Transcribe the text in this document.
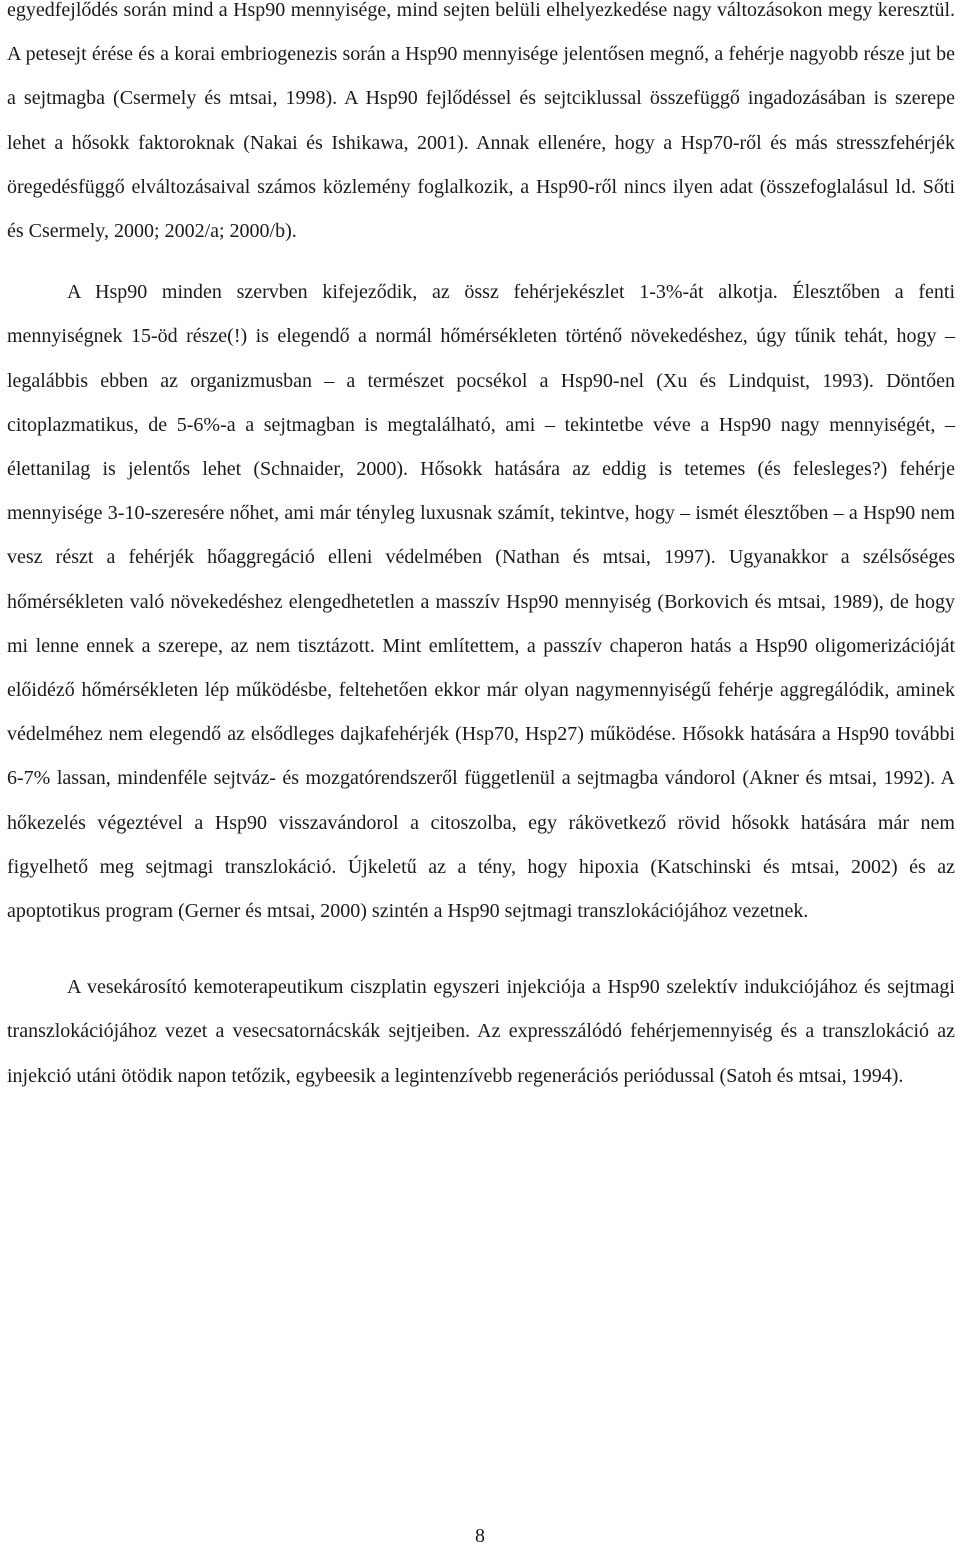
egyedfejlődés során mind a Hsp90 mennyisége, mind sejten belüli elhelyezkedése nagy változásokon megy keresztül. A petesejt érése és a korai embriogenezis során a Hsp90 mennyisége jelentősen megnő, a fehérje nagyobb része jut be a sejtmagba (Csermely és mtsai, 1998). A Hsp90 fejlődéssel és sejtciklussal összefüggő ingadozásában is szerepe lehet a hősokk faktoroknak (Nakai és Ishikawa, 2001). Annak ellenére, hogy a Hsp70-ről és más stresszfehérjék öregedésfüggő elváltozásaival számos közlemény foglalkozik, a Hsp90-ről nincs ilyen adat (összefoglalásul ld. Sőti és Csermely, 2000; 2002/a; 2000/b).

A Hsp90 minden szervben kifejeződik, az össz fehérjekészlet 1-3%-át alkotja. Élesztőben a fenti mennyiségnek 15-öd része(!) is elegendő a normál hőmérsékleten történő növekedéshez, úgy tűnik tehát, hogy – legalábbis ebben az organizmusban – a természet pocsékol a Hsp90-nel (Xu és Lindquist, 1993). Döntően citoplazmatikus, de 5-6%-a a sejtmagban is megtalálható, ami – tekintetbe véve a Hsp90 nagy mennyiségét, – élettanilag is jelentős lehet (Schnaider, 2000). Hősokk hatására az eddig is tetemes (és felesleges?) fehérje mennyisége 3-10-szeresére nőhet, ami már tényleg luxusnak számít, tekintve, hogy – ismét élesztőben – a Hsp90 nem vesz részt a fehérjék hőaggregáció elleni védelmében (Nathan és mtsai, 1997). Ugyanakkor a szélsőséges hőmérsékleten való növekedéshez elengedhetetlen a masszív Hsp90 mennyiség (Borkovich és mtsai, 1989), de hogy mi lenne ennek a szerepe, az nem tisztázott. Mint említettem, a passzív chaperon hatás a Hsp90 oligomerizációját előidéző hőmérsékleten lép működésbe, feltehetően ekkor már olyan nagymennyiségű fehérje aggregálódik, aminek védelméhez nem elegendő az elsődleges dajkafehérjék (Hsp70, Hsp27) működése. Hősokk hatására a Hsp90 további 6-7% lassan, mindenféle sejtváz- és mozgatórendszeről függetlenül a sejtmagba vándorol (Akner és mtsai, 1992). A hőkezelés végeztével a Hsp90 visszavándorol a citoszolba, egy rákövetkező rövid hősokk hatására már nem figyelhető meg sejtmagi transzlokáció. Újkeletű az a tény, hogy hipoxia (Katschinski és mtsai, 2002) és az apoptotikus program (Gerner és mtsai, 2000) szintén a Hsp90 sejtmagi transzlokációjához vezetnek.

A vesekárosító kemoterapeutikum ciszplatin egyszeri injekciója a Hsp90 szelektív indukciójához és sejtmagi transzlokációjához vezet a vesecsatornácskák sejtjeiben. Az expresszálódó fehérjemennyiség és a transzlokáció az injekció utáni ötödik napon tetőzik, egybeesik a legintenzívebb regenerációs periódussal (Satoh és mtsai, 1994).

8
